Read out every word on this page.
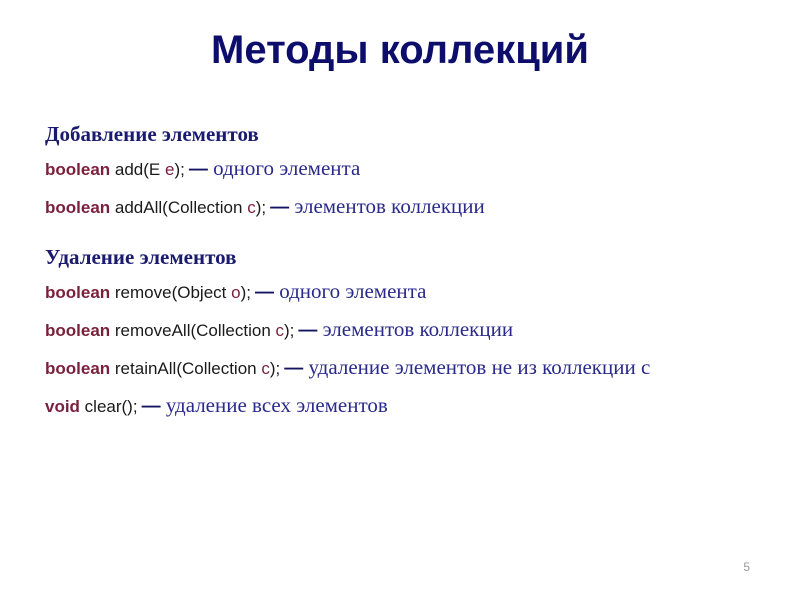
Методы коллекций
Добавление элементов
boolean add(E e); — одного элемента
boolean addAll(Collection c); — элементов коллекции
Удаление элементов
boolean remove(Object o); — одного элемента
boolean removeAll(Collection c); — элементов коллекции
boolean retainAll(Collection c); — удаление элементов не из коллекции c
void clear(); — удаление всех элементов
5
